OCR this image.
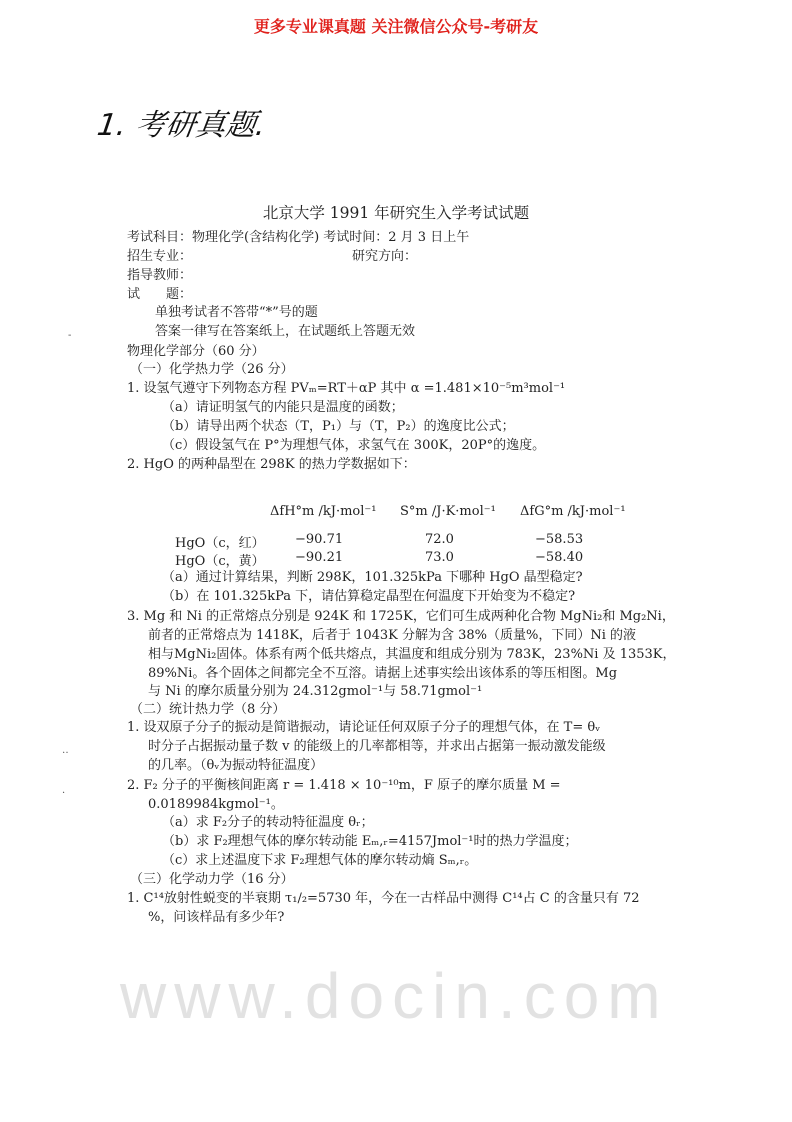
更多专业课真题 关注微信公众号-考研友
1. 考研真题.
www.docin.com
北京大学 1991 年研究生入学考试试题
考试科目：物理化学(含结构化学) 考试时间：2 月 3 日上午
招生专业：	研究方向：
指导教师：
试　　题：
单独考试者不答带“*”号的题
答案一律写在答案纸上，在试题纸上答题无效
物理化学部分（60 分）
（一）化学热力学（26 分）
1. 设氢气遵守下列物态方程 PVₘ=RT＋αP 其中 α =1.481×10⁻⁵m³mol⁻¹
（a）请证明氢气的内能只是温度的函数；
（b）请导出两个状态（T，P₁）与（T，P₂）的逸度比公式；
（c）假设氢气在 P°为理想气体，求氢气在 300K，20P°的逸度。
2. HgO 的两种晶型在 298K 的热力学数据如下：
ΔfH°m /kJ·mol⁻¹ S°m /J·K·mol⁻¹ ΔfG°m /kJ·mol⁻¹
HgO（c，红） −90.71	72.0	−58.53
HgO（c，黄） −90.21	73.0	−58.40
（a）通过计算结果，判断 298K，101.325kPa 下哪种 HgO 晶型稳定?
（b）在 101.325kPa 下，请估算稳定晶型在何温度下开始变为不稳定?
3. Mg 和 Ni 的正常熔点分别是 924K 和 1725K，它们可生成两种化合物 MgNi₂和 Mg₂Ni，
前者的正常熔点为 1418K，后者于 1043K 分解为含 38%（质量%，下同）Ni 的液
相与MgNi₂固体。体系有两个低共熔点，其温度和组成分别为 783K，23%Ni 及 1353K，
89%Ni。各个固体之间都完全不互溶。请据上述事实绘出该体系的等压相图。Mg
与 Ni 的摩尔质量分别为 24.312gmol⁻¹与 58.71gmol⁻¹
（二）统计热力学（8 分）
1. 设双原子分子的振动是简谐振动，请论证任何双原子分子的理想气体，在 T= θᵥ
时分子占据振动量子数 v 的能级上的几率都相等，并求出占据第一振动激发能级
的几率。（θᵥ为振动特征温度）
2. F₂ 分子的平衡核间距离 r = 1.418 × 10⁻¹⁰m，F 原子的摩尔质量 M =
0.0189984kgmol⁻¹。
（a）求 F₂分子的转动特征温度 θᵣ；
（b）求 F₂理想气体的摩尔转动能 Eₘ,ᵣ=4157Jmol⁻¹时的热力学温度；
（c）求上述温度下求 F₂理想气体的摩尔转动熵 Sₘ,ᵣ。
（三）化学动力学（16 分）
1. C¹⁴放射性蜕变的半衰期 τ₁/₂=5730 年，今在一古样品中测得 C¹⁴占 C 的含量只有 72
%，问该样品有多少年?
‐
‥
·
